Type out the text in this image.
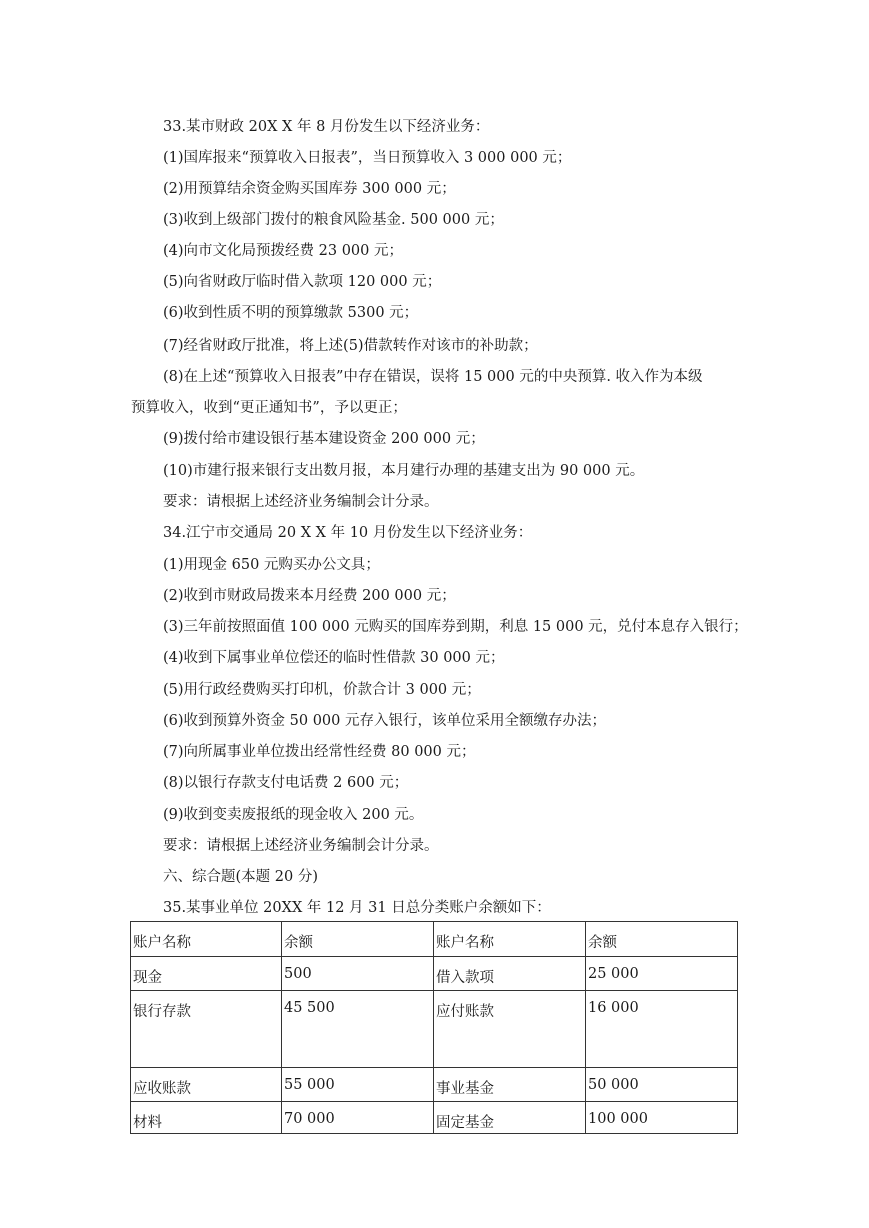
33.某市财政 20X X 年 8 月份发生以下经济业务：
(1)国库报来“预算收入日报表”，当日预算收入 3 000 000 元；
(2)用预算结余资金购买国库券 300 000 元；
(3)收到上级部门拨付的粮食风险基金. 500 000 元；
(4)向市文化局预拨经费 23 000 元；
(5)向省财政厅临时借入款项 120 000 元；
(6)收到性质不明的预算缴款 5300 元；
(7)经省财政厅批准，将上述(5)借款转作对该市的补助款；
(8)在上述“预算收入日报表”中存在错误，误将 15 000 元的中央预算. 收入作为本级
预算收入，收到“更正通知书”，予以更正；
(9)拨付给市建设银行基本建设资金 200 000 元；
(10)市建行报来银行支出数月报，本月建行办理的基建支出为 90 000 元。
要求：请根据上述经济业务编制会计分录。
34.江宁市交通局 20 X X 年 10 月份发生以下经济业务：
(1)用现金 650 元购买办公文具；
(2)收到市财政局拨来本月经费 200 000 元；
(3)三年前按照面值 100 000 元购买的国库券到期，利息 15 000 元，兑付本息存入银行；
(4)收到下属事业单位偿还的临时性借款 30 000 元；
(5)用行政经费购买打印机，价款合计 3 000 元；
(6)收到预算外资金 50 000 元存入银行，该单位采用全额缴存办法；
(7)向所属事业单位拨出经常性经费 80 000 元；
(8)以银行存款支付电话费 2 600 元；
(9)收到变卖废报纸的现金收入 200 元。
要求：请根据上述经济业务编制会计分录。
六、综合题(本题 20 分)
35.某事业单位 20XX 年 12 月 31 日总分类账户余额如下：
账户名称	余额	账户名称	余额
现金	500	借入款项	25 000
银行存款	45 500	应付账款	16 000
应收账款	55 000	事业基金	50 000
材料	70 000	固定基金	100 000
